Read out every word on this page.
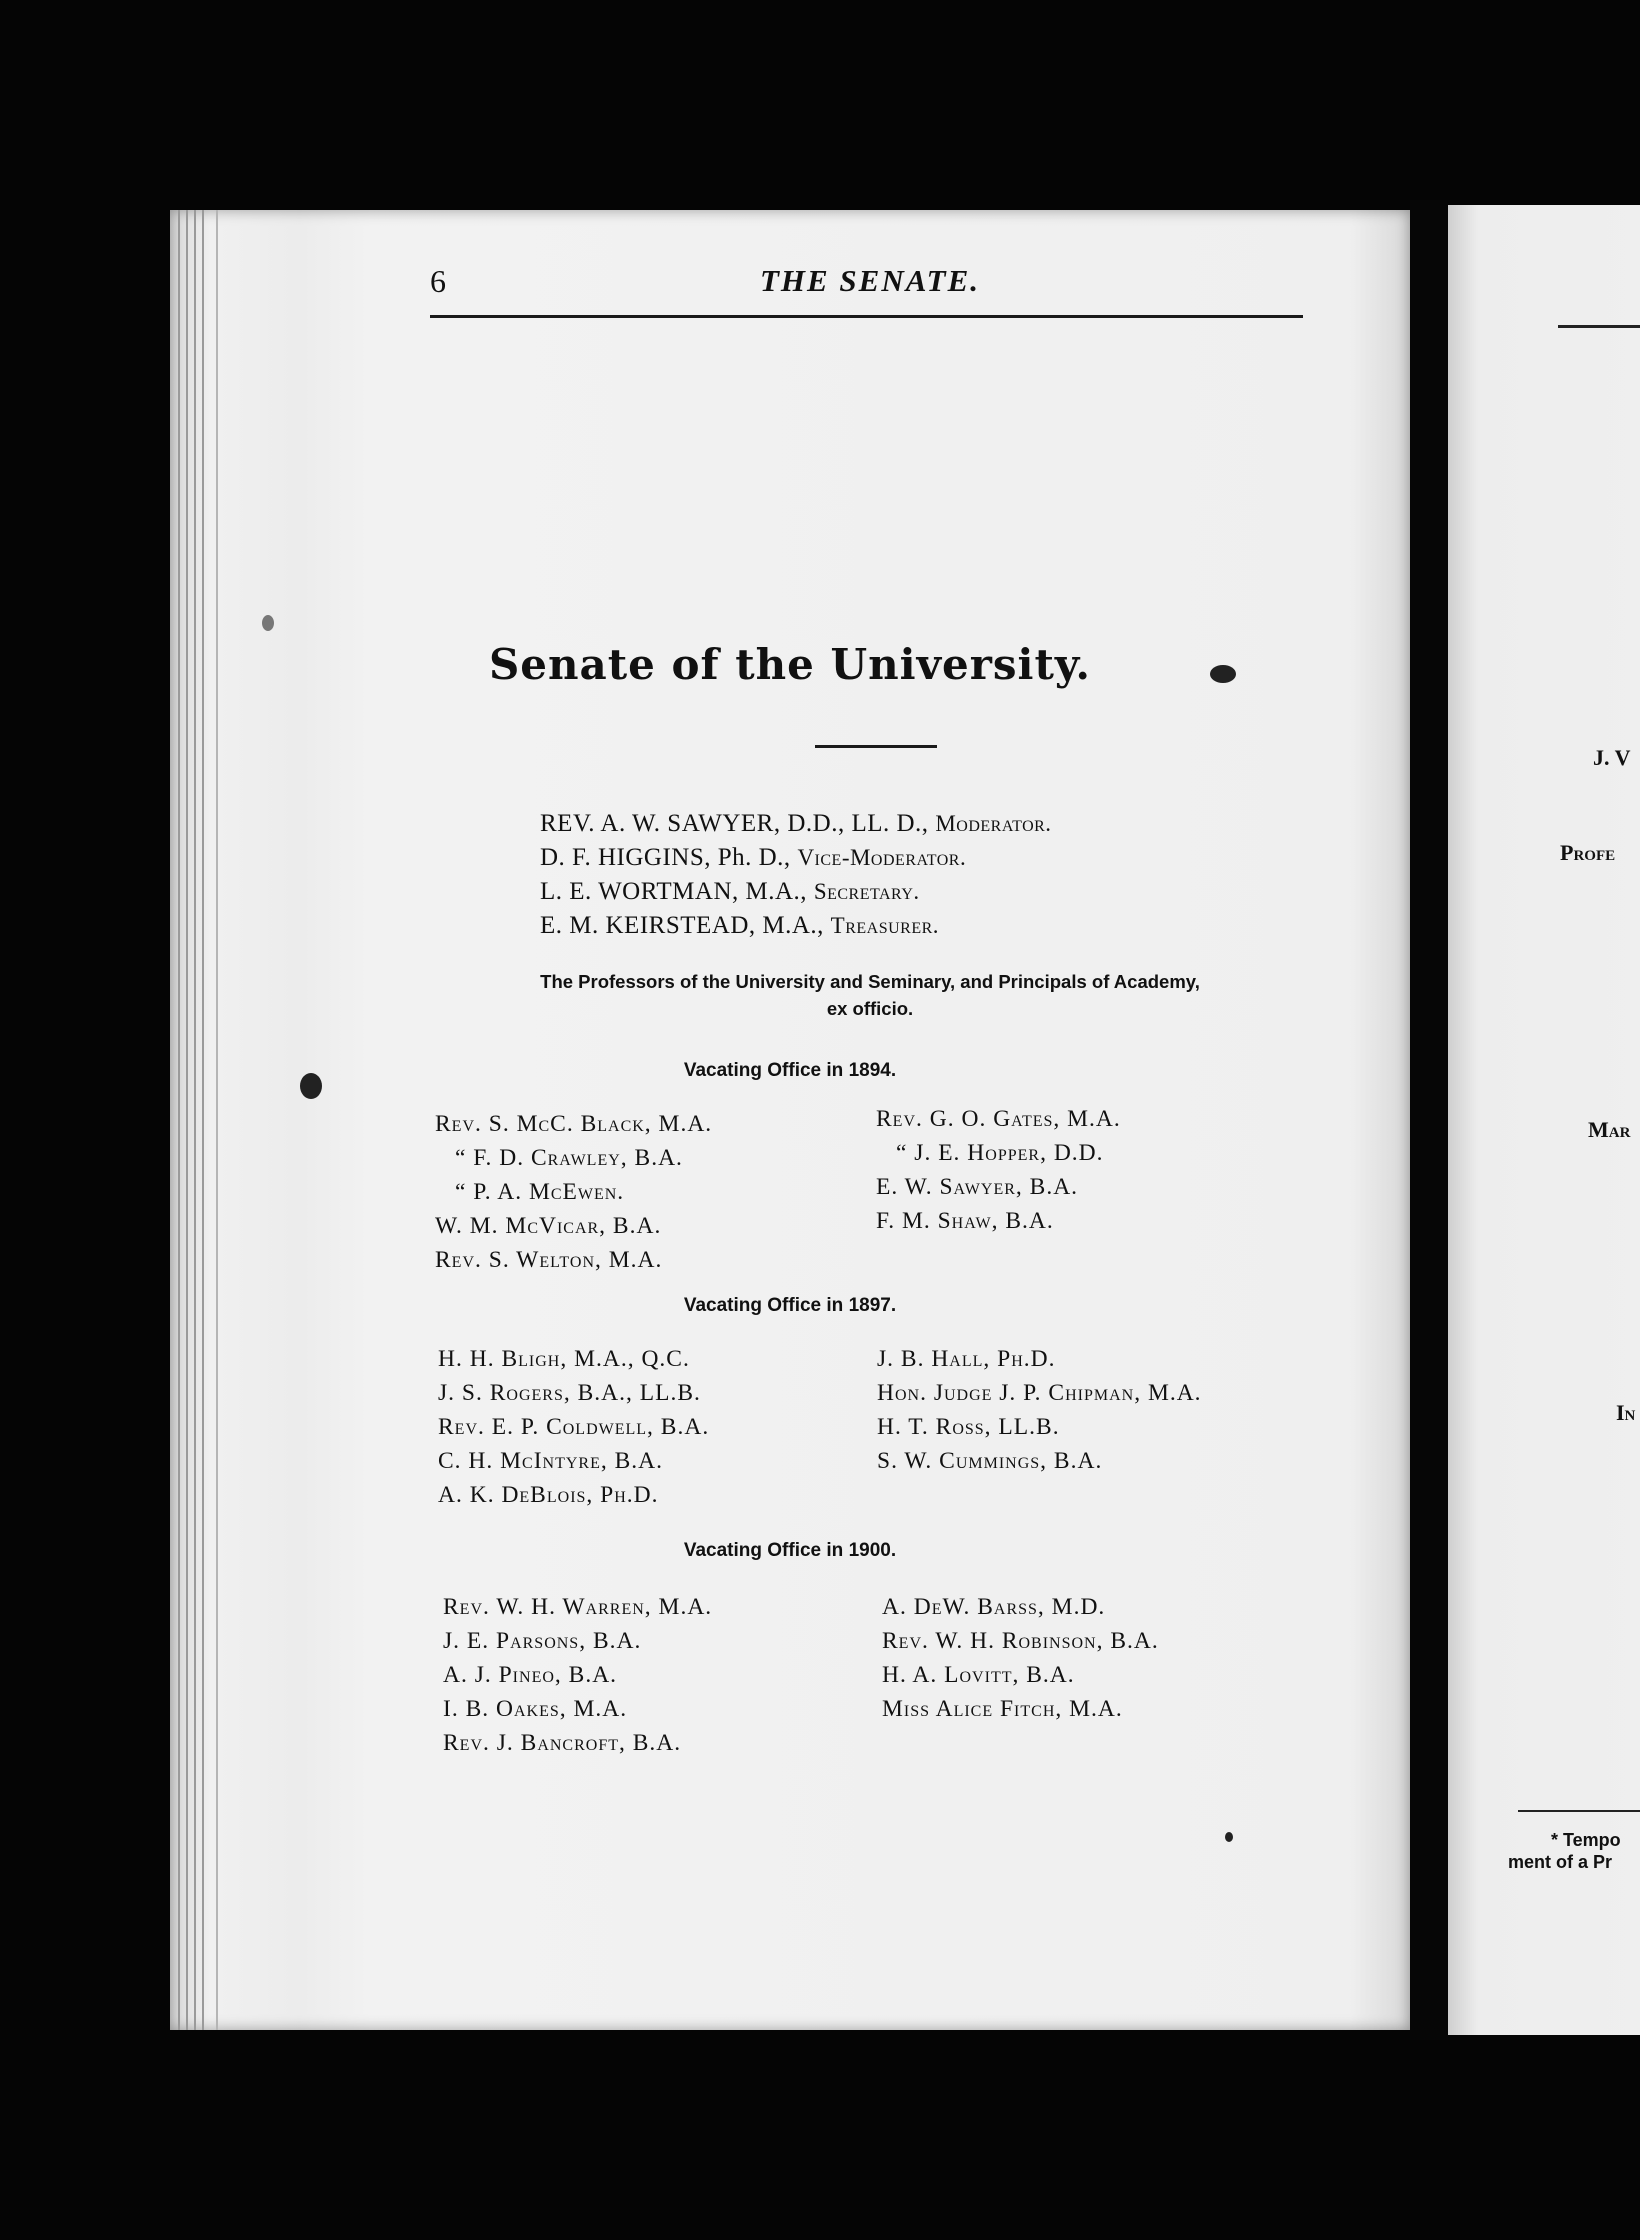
6	THE SENATE.
Senate of the University.
REV. A. W. SAWYER, D.D., LL. D., Moderator.
D. F. HIGGINS, Ph. D., Vice-Moderator.
L. E. WORTMAN, M.A., Secretary.
E. M. KEIRSTEAD, M.A., Treasurer.
The Professors of the University and Seminary, and Principals of Academy,
ex officio.
Vacating Office in 1894.
Rev. S. McC. Black, M.A.
“ F. D. Crawley, B.A.
“ P. A. McEwen.
W. M. McVicar, B.A.
Rev. S. Welton, M.A.
Rev. G. O. Gates, M.A.
“ J. E. Hopper, D.D.
E. W. Sawyer, B.A.
F. M. Shaw, B.A.
Vacating Office in 1897.
H. H. Bligh, M.A., Q.C.
J. S. Rogers, B.A., LL.B.
Rev. E. P. Coldwell, B.A.
C. H. McIntyre, B.A.
A. K. DeBlois, Ph.D.
J. B. Hall, Ph.D.
Hon. Judge J. P. Chipman, M.A.
H. T. Ross, LL.B.
S. W. Cummings, B.A.
Vacating Office in 1900.
Rev. W. H. Warren, M.A.
J. E. Parsons, B.A.
A. J. Pineo, B.A.
I. B. Oakes, M.A.
Rev. J. Bancroft, B.A.
A. DeW. Barss, M.D.
Rev. W. H. Robinson, B.A.
H. A. Lovitt, B.A.
Miss Alice Fitch, M.A.
J. V
Profe
Mar
In
* Tempo
ment of a Pr
